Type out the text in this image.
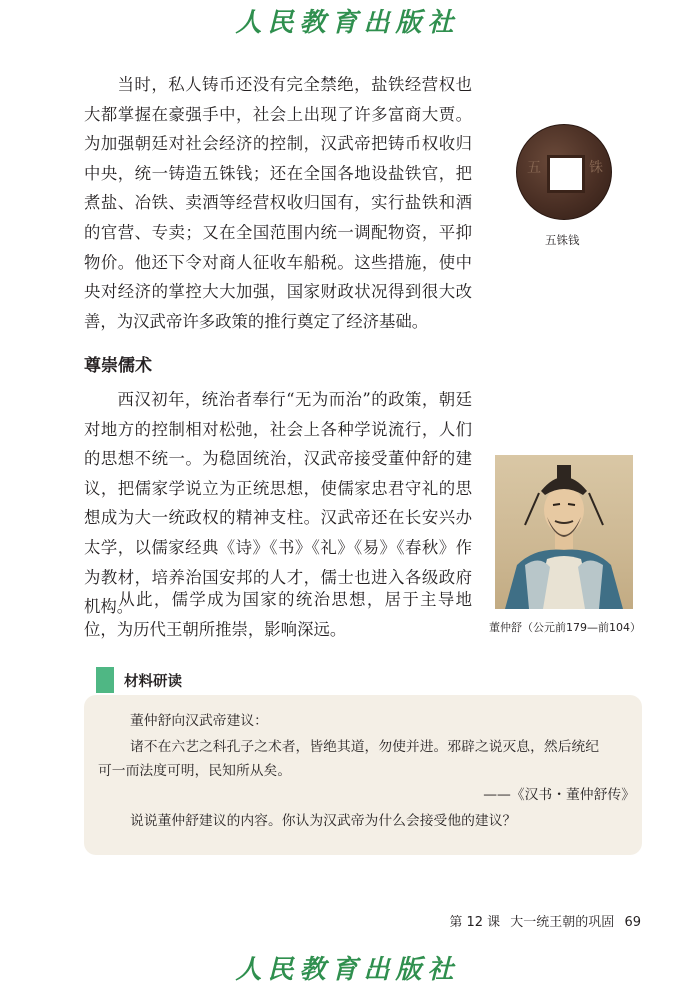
人民教育出版社

当时，私人铸币还没有完全禁绝，盐铁经营权也大都掌握在豪强手中，社会上出现了许多富商大贾。为加强朝廷对社会经济的控制，汉武帝把铸币权收归中央，统一铸造五铢钱；还在全国各地设盐铁官，把煮盐、冶铁、卖酒等经营权收归国有，实行盐铁和酒的官营、专卖；又在全国范围内统一调配物资，平抑物价。他还下令对商人征收车船税。这些措施，使中央对经济的掌控大大加强，国家财政状况得到很大改善，为汉武帝许多政策的推行奠定了经济基础。

五	铢
五铢钱
尊崇儒术

西汉初年，统治者奉行“无为而治”的政策，朝廷对地方的控制相对松弛，社会上各种学说流行，人们的思想不统一。为稳固统治，汉武帝接受董仲舒的建议，把儒家学说立为正统思想，使儒家忠君守礼的思想成为大一统政权的精神支柱。汉武帝还在长安兴办太学，以儒家经典《诗》《书》《礼》《易》《春秋》作为教材，培养治国安邦的人才，儒士也进入各级政府机构。

从此，儒学成为国家的统治思想，居于主导地位，为历代王朝所推崇，影响深远。	董仲舒（公元前179—前104）
材料研读

董仲舒向汉武帝建议：

诸不在六艺之科孔子之术者，皆绝其道，勿使并进。邪辟之说灭息，然后统纪

可一而法度可明，民知所从矣。

——《汉书・董仲舒传》

说说董仲舒建议的内容。你认为汉武帝为什么会接受他的建议？

第 12 课 大一统王朝的巩固 69
人民教育出版社
